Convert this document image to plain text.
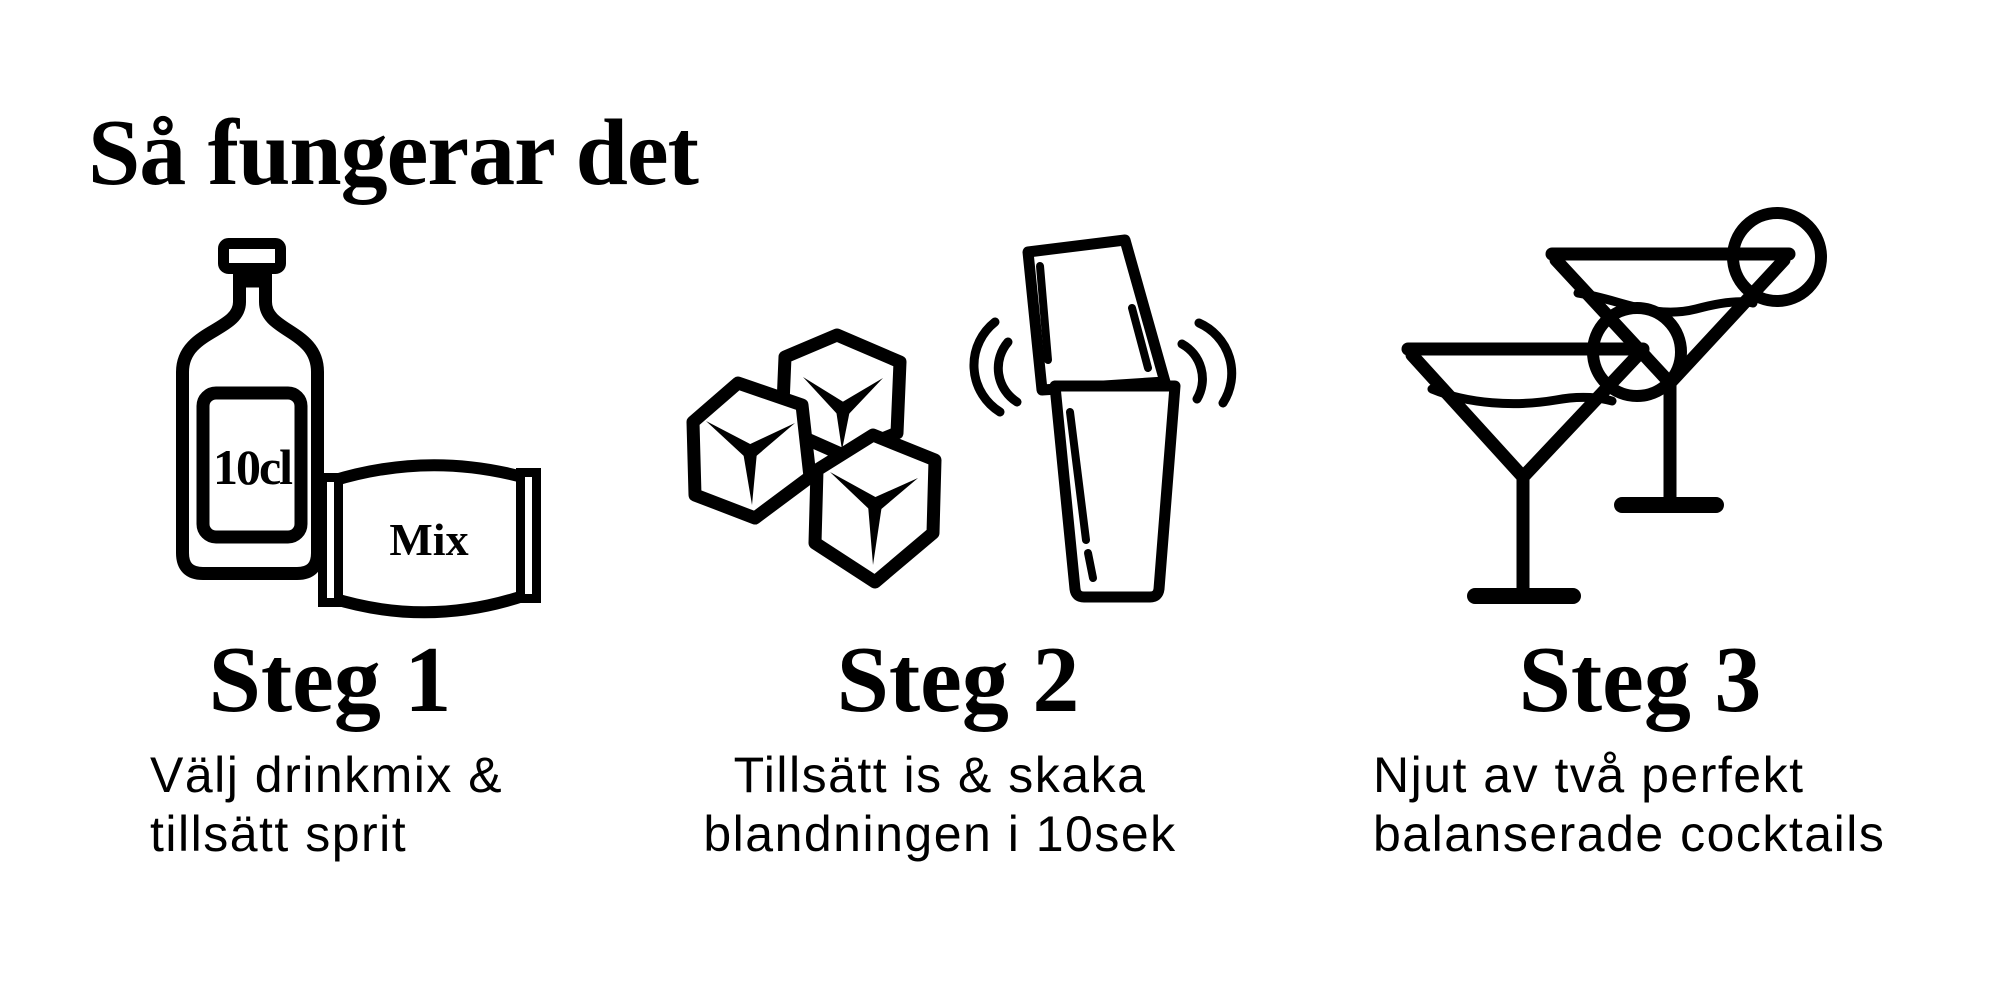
Så fungerar det
10cl
Mix
Steg 1	Steg 2	Steg 3

Välj drinkmix &
tillsätt sprit

Tillsätt is & skaka
blandningen i 10sek

Njut av två perfekt
balanserade cocktails
